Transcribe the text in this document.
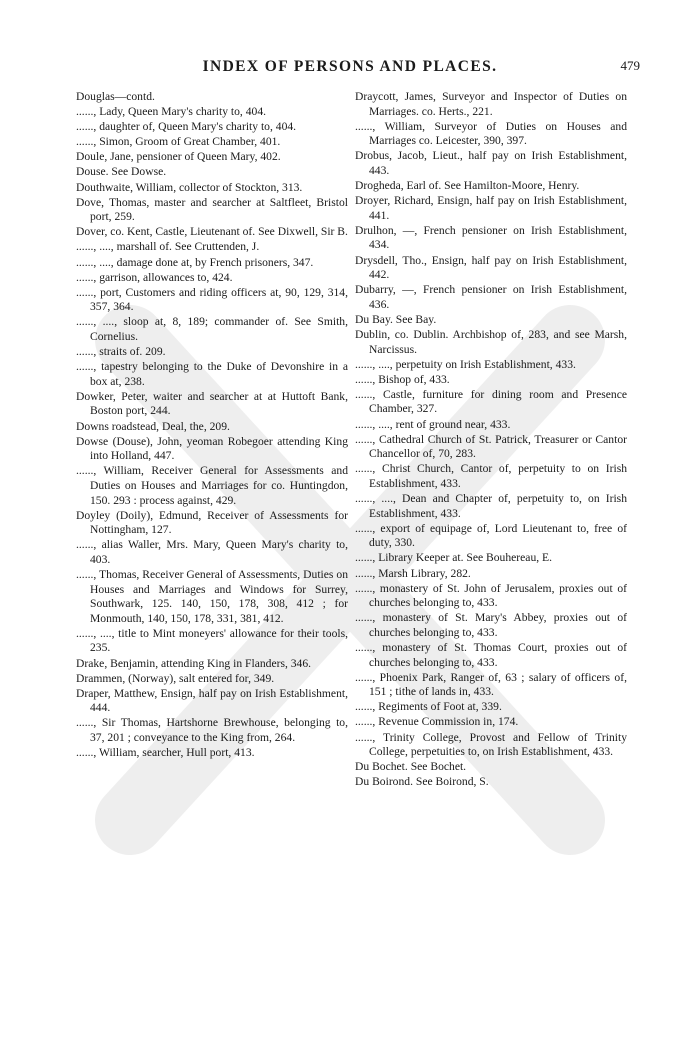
INDEX OF PERSONS AND PLACES.	479

Douglas—contd.

......, Lady, Queen Mary's charity to, 404.

......, daughter of, Queen Mary's charity to, 404.

......, Simon, Groom of Great Chamber, 401.

Doule, Jane, pensioner of Queen Mary, 402.

Douse. See Dowse.

Douthwaite, William, collector of Stockton, 313.

Dove, Thomas, master and searcher at Saltfleet, Bristol port, 259.

Dover, co. Kent, Castle, Lieutenant of. See Dixwell, Sir B.

......, ...., marshall of. See Cruttenden, J.

......, ...., damage done at, by French prisoners, 347.

......, garrison, allowances to, 424.

......, port, Customers and riding officers at, 90, 129, 314, 357, 364.

......, ...., sloop at, 8, 189; commander of. See Smith, Cornelius.

......, straits of. 209.

......, tapestry belonging to the Duke of Devonshire in a box at, 238.

Dowker, Peter, waiter and searcher at at Huttoft Bank, Boston port, 244.

Downs roadstead, Deal, the, 209.

Dowse (Douse), John, yeoman Robegoer attending King into Holland, 447.

......, William, Receiver General for Assessments and Duties on Houses and Marriages for co. Huntingdon, 150. 293 : process against, 429.

Doyley (Doily), Edmund, Receiver of Assessments for Nottingham, 127.

......, alias Waller, Mrs. Mary, Queen Mary's charity to, 403.

......, Thomas, Receiver General of Assessments, Duties on Houses and Marriages and Windows for Surrey, Southwark, 125. 140, 150, 178, 308, 412 ; for Monmouth, 140, 150, 178, 331, 381, 412.

......, ...., title to Mint moneyers' allowance for their tools, 235.

Drake, Benjamin, attending King in Flanders, 346.

Drammen, (Norway), salt entered for, 349.

Draper, Matthew, Ensign, half pay on Irish Establishment, 444.

......, Sir Thomas, Hartshorne Brewhouse, belonging to, 37, 201 ; conveyance to the King from, 264.

......, William, searcher, Hull port, 413.

Draycott, James, Surveyor and Inspector of Duties on Marriages. co. Herts., 221.

......, William, Surveyor of Duties on Houses and Marriages co. Leicester, 390, 397.

Drobus, Jacob, Lieut., half pay on Irish Establishment, 443.

Drogheda, Earl of. See Hamilton-Moore, Henry.

Droyer, Richard, Ensign, half pay on Irish Establishment, 441.

Drulhon, —, French pensioner on Irish Establishment, 434.

Drysdell, Tho., Ensign, half pay on Irish Establishment, 442.

Dubarry, —, French pensioner on Irish Establishment, 436.

Du Bay. See Bay.

Dublin, co. Dublin. Archbishop of, 283, and see Marsh, Narcissus.

......, ...., perpetuity on Irish Establishment, 433.

......, Bishop of, 433.

......, Castle, furniture for dining room and Presence Chamber, 327.

......, ...., rent of ground near, 433.

......, Cathedral Church of St. Patrick, Treasurer or Cantor Chancellor of, 70, 283.

......, Christ Church, Cantor of, perpetuity to on Irish Establishment, 433.

......, ...., Dean and Chapter of, perpetuity to, on Irish Establishment, 433.

......, export of equipage of, Lord Lieutenant to, free of duty, 330.

......, Library Keeper at. See Bouhereau, E.

......, Marsh Library, 282.

......, monastery of St. John of Jerusalem, proxies out of churches belonging to, 433.

......, monastery of St. Mary's Abbey, proxies out of churches belonging to, 433.

......, monastery of St. Thomas Court, proxies out of churches belonging to, 433.

......, Phoenix Park, Ranger of, 63 ; salary of officers of, 151 ; tithe of lands in, 433.

......, Regiments of Foot at, 339.

......, Revenue Commission in, 174.

......, Trinity College, Provost and Fellow of Trinity College, perpetuities to, on Irish Establishment, 433.

Du Bochet. See Bochet.

Du Boirond. See Boirond, S.
